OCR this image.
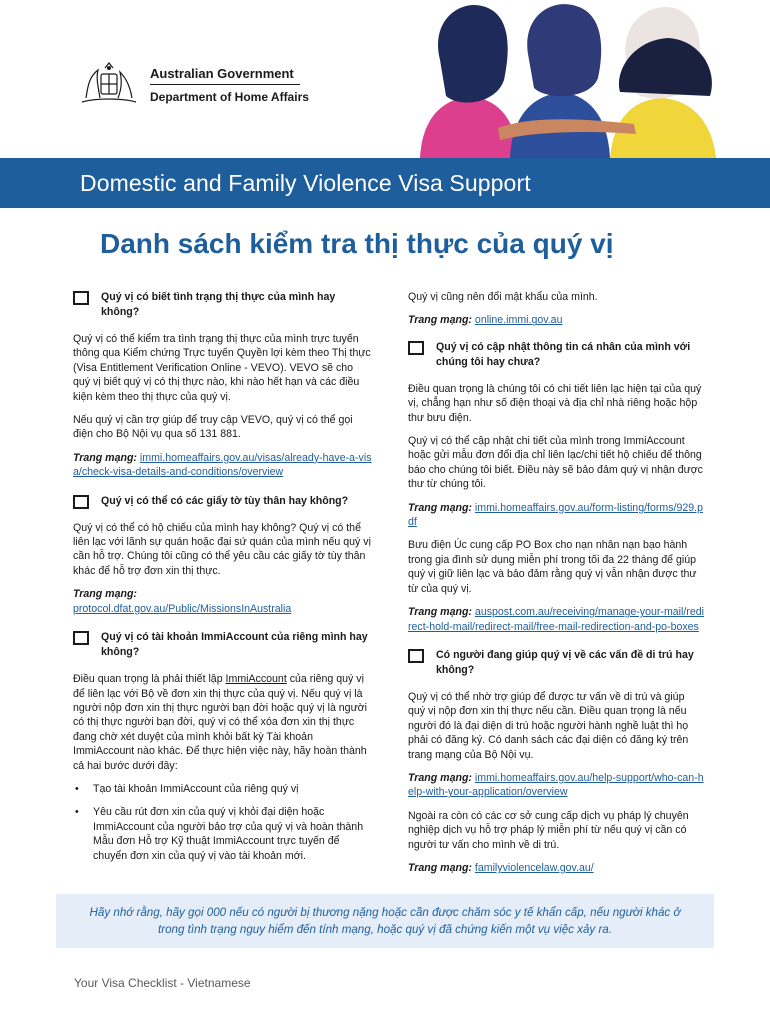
Australian Government
Department of Home Affairs
Domestic and Family Violence Visa Support
Danh sách kiểm tra thị thực của quý vị
Quý vị có biết tình trạng thị thực của mình hay không?

Quý vị có thể kiểm tra tình trạng thị thực của mình trực tuyến thông qua Kiểm chứng Trực tuyến Quyền lợi kèm theo Thị thực (Visa Entitlement Verification Online - VEVO). VEVO sẽ cho quý vị biết quý vị có thị thực nào, khi nào hết hạn và các điều kiện kèm theo thị thực của quý vị.

Nếu quý vị cần trợ giúp để truy cập VEVO, quý vị có thể gọi điện cho Bộ Nội vụ qua số 131 881.

Trang mạng: immi.homeaffairs.gov.au/visas/already-have-a-visa/check-visa-details-and-conditions/overview

Quý vị có thể có các giấy tờ tùy thân hay không?

Quý vị có thể có hộ chiếu của mình hay không? Quý vị có thể liên lạc với lãnh sự quán hoặc đại sứ quán của mình nếu quý vị cần hỗ trợ. Chúng tôi cũng có thể yêu cầu các giấy tờ tùy thân khác để hỗ trợ đơn xin thị thực.

Trang mạng:
protocol.dfat.gov.au/Public/MissionsInAustralia

Quý vị có tài khoản ImmiAccount của riêng mình hay không?

Điều quan trọng là phải thiết lập ImmiAccount của riêng quý vị để liên lạc với Bộ về đơn xin thị thực của quý vị. Nếu quý vị là người nộp đơn xin thị thực người bạn đời hoặc quý vị là người có thị thực người bạn đời, quý vị có thể xóa đơn xin thị thực đang chờ xét duyệt của mình khỏi bất kỳ Tài khoản ImmiAccount nào khác. Để thực hiện việc này, hãy hoàn thành cả hai bước dưới đây:

• Tạo tài khoản ImmiAccount của riêng quý vị
• Yêu cầu rút đơn xin của quý vị khỏi đại diện hoặc ImmiAccount của người bảo trợ của quý vị và hoàn thành Mẫu đơn Hỗ trợ Kỹ thuật ImmiAccount trực tuyến để chuyển đơn xin của quý vị vào tài khoản mới.

Quý vị cũng nên đổi mật khẩu của mình.

Trang mạng: online.immi.gov.au

Quý vị có cập nhật thông tin cá nhân của mình với chúng tôi hay chưa?

Điều quan trọng là chúng tôi có chi tiết liên lạc hiện tại của quý vị, chẳng hạn như số điện thoại và địa chỉ nhà riêng hoặc hộp thư bưu điện.

Quý vị có thể cập nhật chi tiết của mình trong ImmiAccount hoặc gửi mẫu đơn đổi địa chỉ liên lạc/chi tiết hộ chiếu để thông báo cho chúng tôi biết. Điều này sẽ bảo đảm quý vị nhận được thư từ chúng tôi.

Trang mạng: immi.homeaffairs.gov.au/form-listing/forms/929.pdf

Bưu điện Úc cung cấp PO Box cho nạn nhân nạn bạo hành trong gia đình sử dụng miễn phí trong tối đa 22 tháng để giúp quý vị giữ liên lạc và bảo đảm rằng quý vị vẫn nhận được thư từ của quý vị.

Trang mạng: auspost.com.au/receiving/manage-your-mail/redirect-hold-mail/redirect-mail/free-mail-redirection-and-po-boxes

Có người đang giúp quý vị về các vấn đề di trú hay không?

Quý vị có thể nhờ trợ giúp để được tư vấn về di trú và giúp quý vị nộp đơn xin thị thực nếu cần. Điều quan trọng là nếu người đó là đại diện di trú hoặc người hành nghề luật thì họ phải có đăng ký. Có danh sách các đại diện có đăng ký trên trang mạng của Bộ Nội vụ.

Trang mạng: immi.homeaffairs.gov.au/help-support/who-can-help-with-your-application/overview

Ngoài ra còn có các cơ sở cung cấp dịch vụ pháp lý chuyên nghiệp dịch vụ hỗ trợ pháp lý miễn phí từ nếu quý vị cần có người tư vấn cho mình về di trú.

Trang mạng: familyviolencelaw.gov.au/

Hãy nhớ rằng, hãy gọi 000 nếu có người bị thương nặng hoặc cần được chăm sóc y tế khẩn cấp, nếu người khác ở trong tình trạng nguy hiểm đến tính mạng, hoặc quý vị đã chứng kiến một vụ việc xảy ra.

Your Visa Checklist - Vietnamese
